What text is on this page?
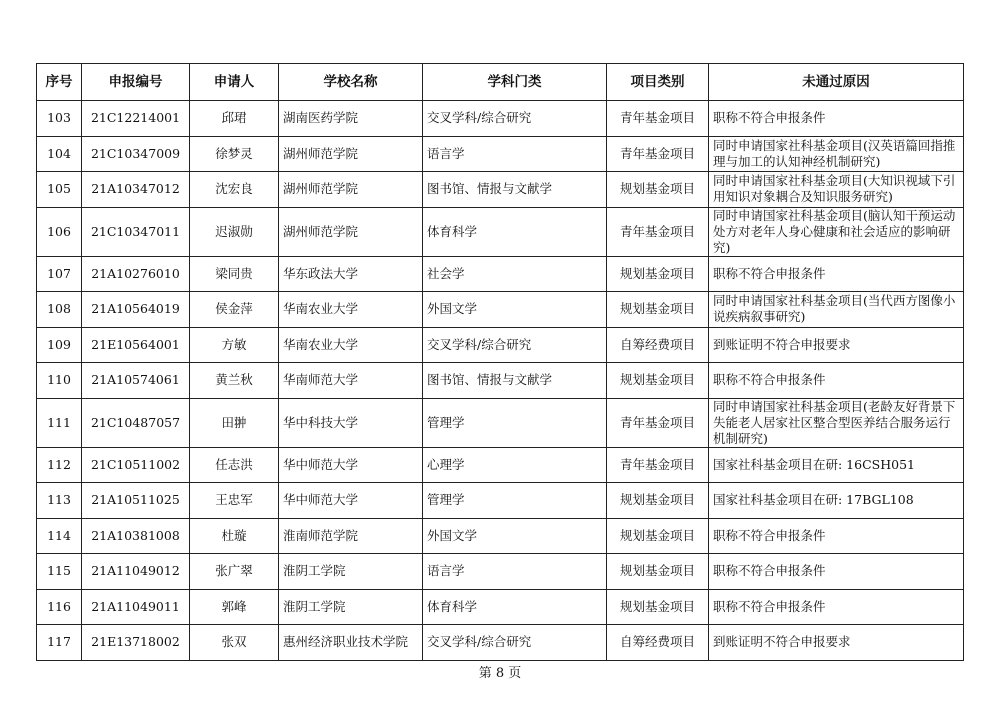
序号	申报编号	申请人	学校名称	学科门类	项目类别	未通过原因
103	21C12214001	邱珺	湖南医药学院	交叉学科/综合研究	青年基金项目	职称不符合申报条件
104	21C10347009	徐梦灵	湖州师范学院	语言学	青年基金项目	同时申请国家社科基金项目(汉英语篇回指推理与加工的认知神经机制研究)
105	21A10347012	沈宏良	湖州师范学院	图书馆、情报与文献学	规划基金项目	同时申请国家社科基金项目(大知识视域下引用知识对象耦合及知识服务研究)
106	21C10347011	迟淑勋	湖州师范学院	体育科学	青年基金项目	同时申请国家社科基金项目(脑认知干预运动处方对老年人身心健康和社会适应的影响研究)
107	21A10276010	梁同贵	华东政法大学	社会学	规划基金项目	职称不符合申报条件
108	21A10564019	侯金萍	华南农业大学	外国文学	规划基金项目	同时申请国家社科基金项目(当代西方图像小说疾病叙事研究)
109	21E10564001	方敏	华南农业大学	交叉学科/综合研究	自筹经费项目	到账证明不符合申报要求
110	21A10574061	黄兰秋	华南师范大学	图书馆、情报与文献学	规划基金项目	职称不符合申报条件
111	21C10487057	田翀	华中科技大学	管理学	青年基金项目	同时申请国家社科基金项目(老龄友好背景下失能老人居家社区整合型医养结合服务运行机制研究)
112	21C10511002	任志洪	华中师范大学	心理学	青年基金项目	国家社科基金项目在研: 16CSH051
113	21A10511025	王忠军	华中师范大学	管理学	规划基金项目	国家社科基金项目在研: 17BGL108
114	21A10381008	杜璇	淮南师范学院	外国文学	规划基金项目	职称不符合申报条件
115	21A11049012	张广翠	淮阴工学院	语言学	规划基金项目	职称不符合申报条件
116	21A11049011	郭峰	淮阴工学院	体育科学	规划基金项目	职称不符合申报条件
117	21E13718002	张双	惠州经济职业技术学院	交叉学科/综合研究	自筹经费项目	到账证明不符合申报要求
第 8 页
